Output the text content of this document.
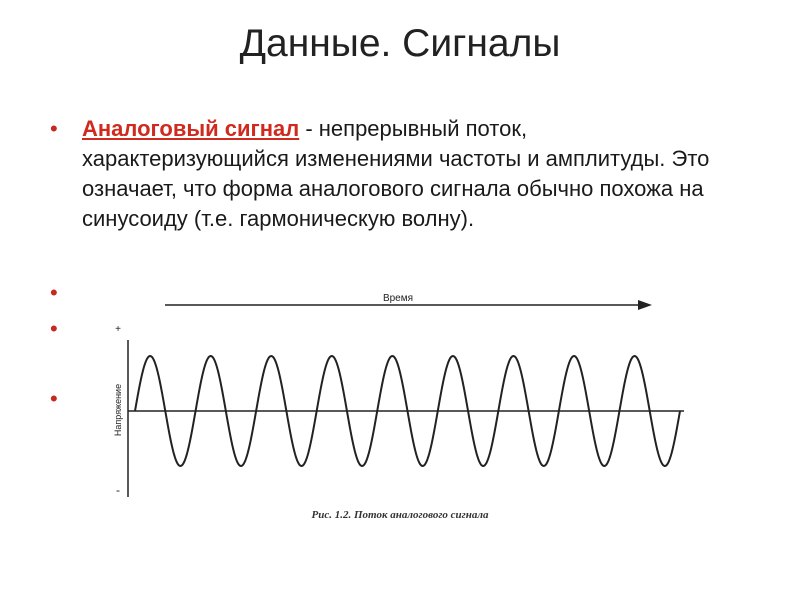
Данные. Сигналы
• Аналоговый сигнал - непрерывный поток, характеризующийся изменениями частоты и амплитуды. Это означает, что форма аналогового сигнала обычно похожа на синусоиду (т.е. гармоническую волну).
•
•
•
Время
+
-
Напряжение
Рис. 1.2. Поток аналогового сигнала
